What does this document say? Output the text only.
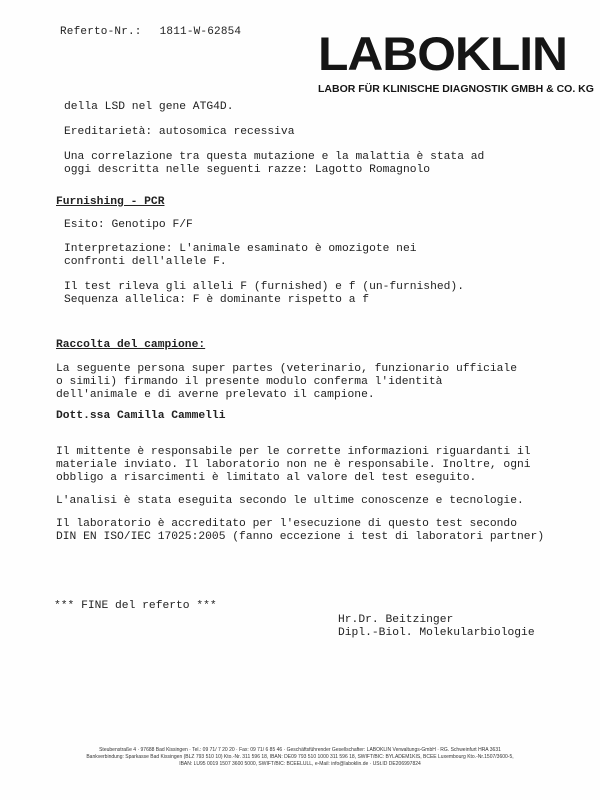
Referto-Nr.: 1811-W-62854 LABOKLIN
LABOR FÜR KLINISCHE DIAGNOSTIK GMBH & CO. KG
della LSD nel gene ATG4D.
Ereditarietà: autosomica recessiva
Una correlazione tra questa mutazione e la malattia è stata ad
oggi descritta nelle seguenti razze: Lagotto Romagnolo
Furnishing - PCR
Esito: Genotipo F/F
Interpretazione: L'animale esaminato è omozigote nei
confronti dell'allele F.
Il test rileva gli alleli F (furnished) e f (un-furnished).
Sequenza allelica: F è dominante rispetto a f
Raccolta del campione:
La seguente persona super partes (veterinario, funzionario ufficiale
o simili) firmando il presente modulo conferma l'identità
dell'animale e di averne prelevato il campione.
Dott.ssa Camilla Cammelli
Il mittente è responsabile per le corrette informazioni riguardanti il
materiale inviato. Il laboratorio non ne è responsabile. Inoltre, ogni
obbligo a risarcimenti è limitato al valore del test eseguito.
L'analisi è stata eseguita secondo le ultime conoscenze e tecnologie.
Il laboratorio è accreditato per l'esecuzione di questo test secondo
DIN EN ISO/IEC 17025:2005 (fanno eccezione i test di laboratori partner)
*** FINE del referto ***
Hr.Dr. Beitzinger
Dipl.-Biol. Molekularbiologie
Steubenstraße 4 · 97688 Bad Kissingen · Tel.: 09 71/ 7 20 20 · Fax: 09 71/ 6 85 46 · Geschäftsführender Gesellschafter: LABOKLIN Verwaltungs-GmbH · RG. Schweinfurt HRA 3631
Bankverbindung: Sparkasse Bad Kissingen (BLZ 793 510 10) Kto.-Nr. 311 596 18, IBAN: DE09 793 510 1000 311 596 18, SWIFT/BIC: BYLADEM1KIS, BCEE Luxembourg Kto.-Nr.1507/3600-5,
IBAN: LU95 0019 1507 3600 5000, SWIFT/BIC: BCEELULL, e-Mail: info@laboklin.de · USt.ID DE206997824
